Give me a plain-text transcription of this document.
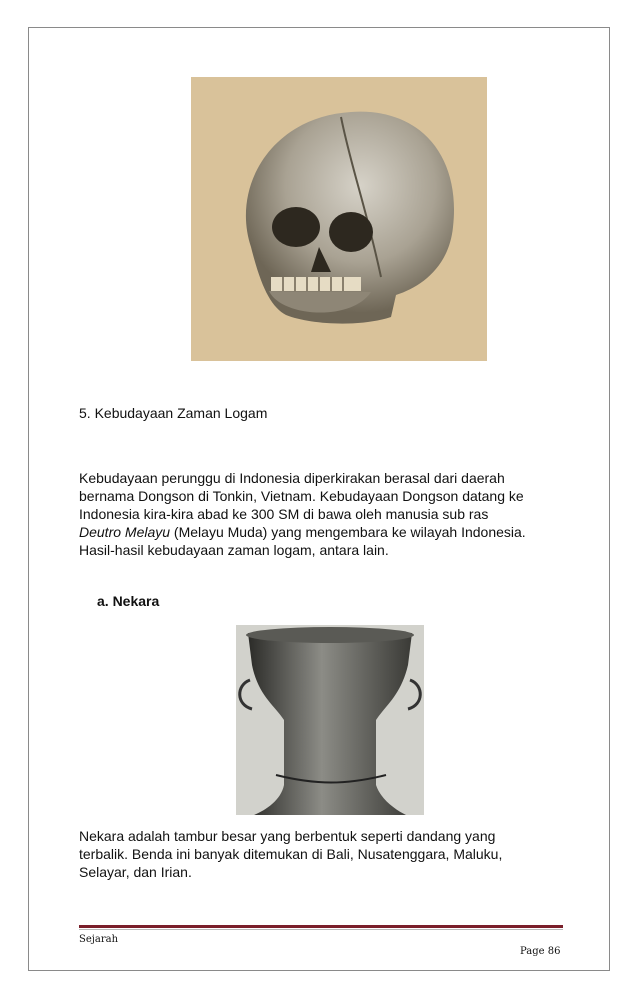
5. Kebudayaan Zaman Logam
Kebudayaan perunggu di Indonesia diperkirakan berasal dari daerah
bernama Dongson di Tonkin, Vietnam. Kebudayaan Dongson datang ke
Indonesia kira-kira abad ke 300 SM di bawa oleh manusia sub ras
Deutro Melayu (Melayu Muda) yang mengembara ke wilayah Indonesia.
Hasil-hasil kebudayaan zaman logam, antara lain.
a. Nekara
Nekara adalah tambur besar yang berbentuk seperti dandang yang
terbalik. Benda ini banyak ditemukan di Bali, Nusatenggara, Maluku,
Selayar, dan Irian.
Sejarah
Page 86
